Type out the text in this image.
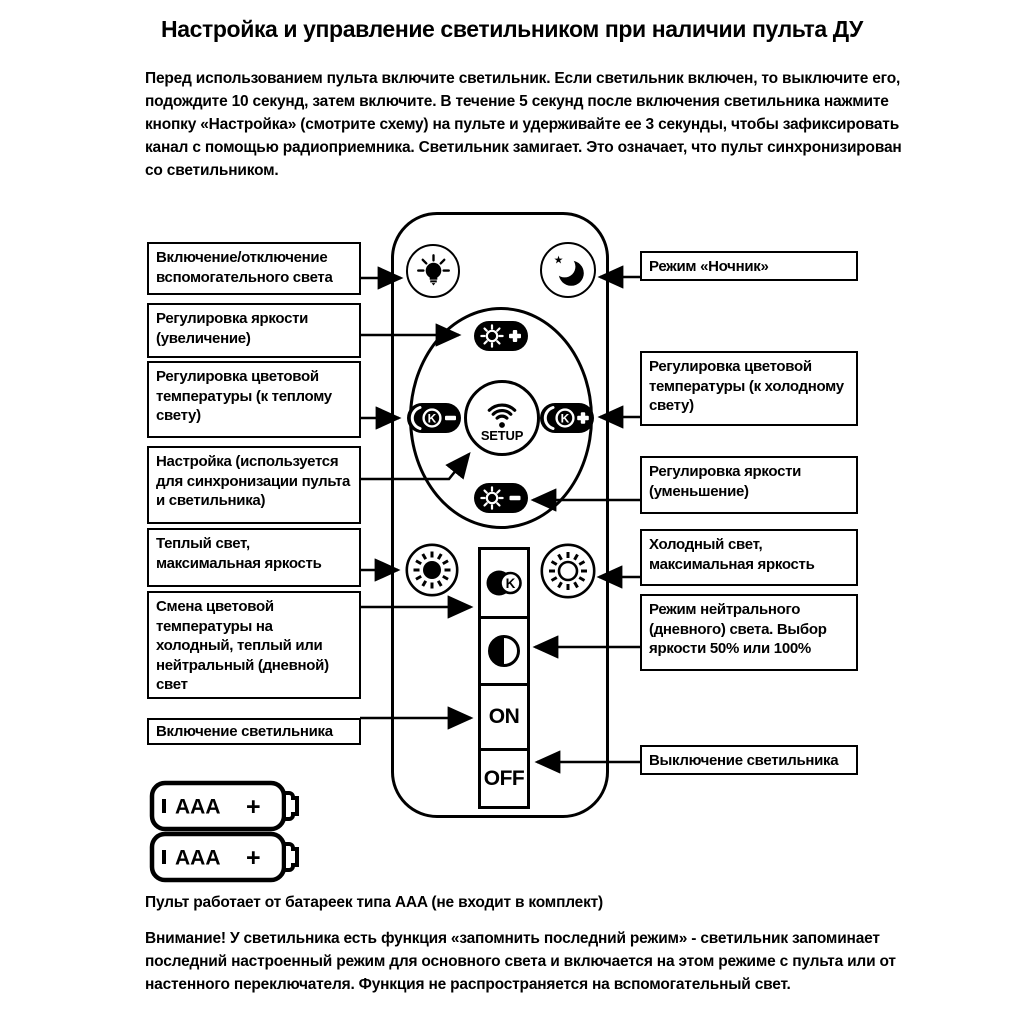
Настройка и управление светильником при наличии пульта ДУ
Перед использованием пульта включите светильник. Если светильник включен, то выключите его, подождите 10 секунд, затем включите. В течение 5 секунд после включения светильника нажмите кнопку «Настройка» (смотрите схему) на пульте и удерживайте ее 3 секунды, чтобы зафиксировать канал с помощью радиоприемника. Светильник замигает. Это означает, что пульт синхронизирован со светильником.
★
K
SETUP
K
K
ON
OFF
Включение/отключение вспомогательного света
Регулировка яркости (увеличение)
Регулировка цветовой температуры (к теплому свету)
Настройка (используется для синхронизации пульта и светильника)
Теплый свет, максимальная яркость
Смена цветовой температуры на холодный, теплый или нейтральный (дневной) свет
Включение светильника
Режим «Ночник»
Регулировка цветовой температуры (к холодному свету)
Регулировка яркости (уменьшение)
Холодный свет, максимальная яркость
Режим нейтрального (дневного) света. Выбор яркости 50% или 100%
Выключение светильника
AAA +
AAA +
Пульт работает от батареек типа AAA (не входит в комплект)
Внимание! У светильника есть функция «запомнить последний режим» - светильник запоминает последний настроенный режим для основного света и включается на этом режиме с пульта или от настенного переключателя. Функция не распространяется на вспомогательный свет.
